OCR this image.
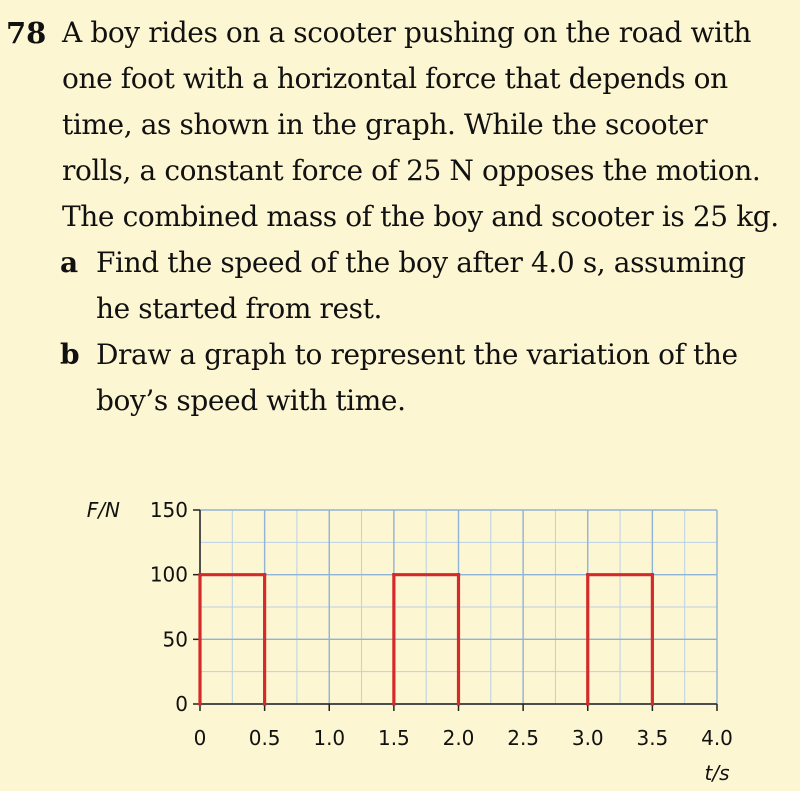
78 A boy rides on a scooter pushing on the road with one foot with a horizontal force that depends on time, as shown in the graph. While the scooter rolls, a constant force of 25 N opposes the motion. The combined mass of the boy and scooter is 25 kg.
a Find the speed of the boy after 4.0 s, assuming he started from rest.
b Draw a graph to represent the variation of the boy’s speed with time.
0
50
100
150
0 0.5 1.0 1.5 2.0 2.5 3.0 3.5 4.0
F/N
t/s
